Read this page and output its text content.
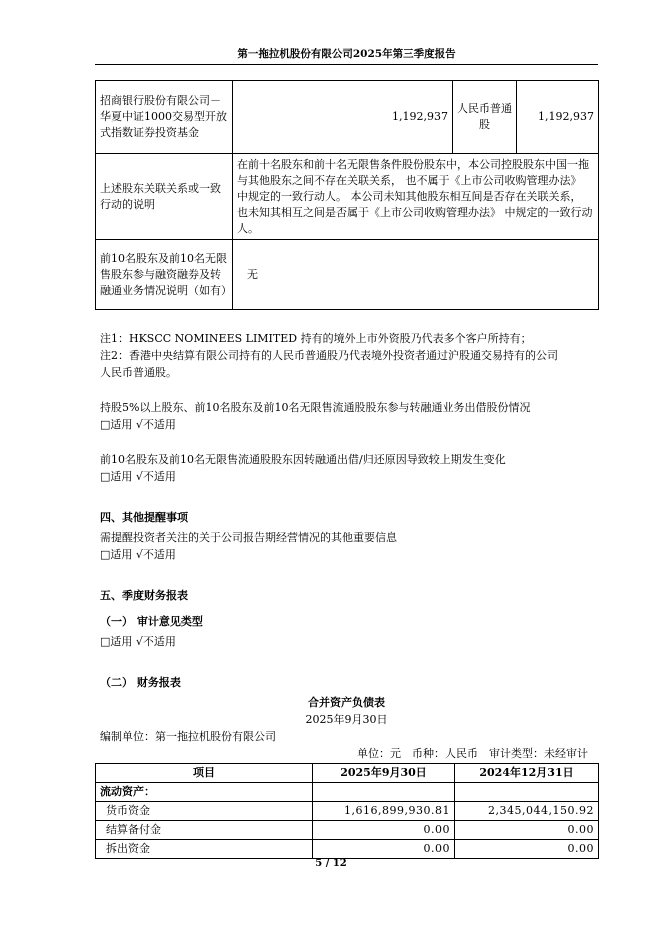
第一拖拉机股份有限公司2025年第三季度报告
招商银行股份有限公司－华夏中证1000交易型开放式指数证券投资基金	1,192,937	人民币普通股	1,192,937
上述股东关联关系或一致行动的说明	在前十名股东和前十名无限售条件股份股东中，本公司控股股东中国一拖与其他股东之间不存在关联关系， 也不属于《上市公司收购管理办法》 中规定的一致行动人。 本公司未知其他股东相互间是否存在关联关系， 也未知其相互之间是否属于《上市公司收购管理办法》 中规定的一致行动人。		
前10名股东及前10名无限售股东参与融资融券及转融通业务情况说明（如有）	无		
注1：HKSCC NOMINEES LIMITED 持有的境外上市外资股乃代表多个客户所持有；
注2：香港中央结算有限公司持有的人民币普通股乃代表境外投资者通过沪股通交易持有的公司
人民币普通股。
持股5%以上股东、前10名股东及前10名无限售流通股股东参与转融通业务出借股份情况
□适用 √不适用
前10名股东及前10名无限售流通股股东因转融通出借/归还原因导致较上期发生变化
□适用 √不适用
四、其他提醒事项
需提醒投资者关注的关于公司报告期经营情况的其他重要信息
□适用 √不适用
五、季度财务报表
（一） 审计意见类型
□适用 √不适用
（二） 财务报表
合并资产负债表
2025年9月30日
编制单位：第一拖拉机股份有限公司
单位：元　币种：人民币　审计类型：未经审计
项目	2025年9月30日	2024年12月31日
流动资产：		
货币资金	1,616,899,930.81	2,345,044,150.92
结算备付金	0.00	0.00
拆出资金	0.00	0.00
5 / 12
